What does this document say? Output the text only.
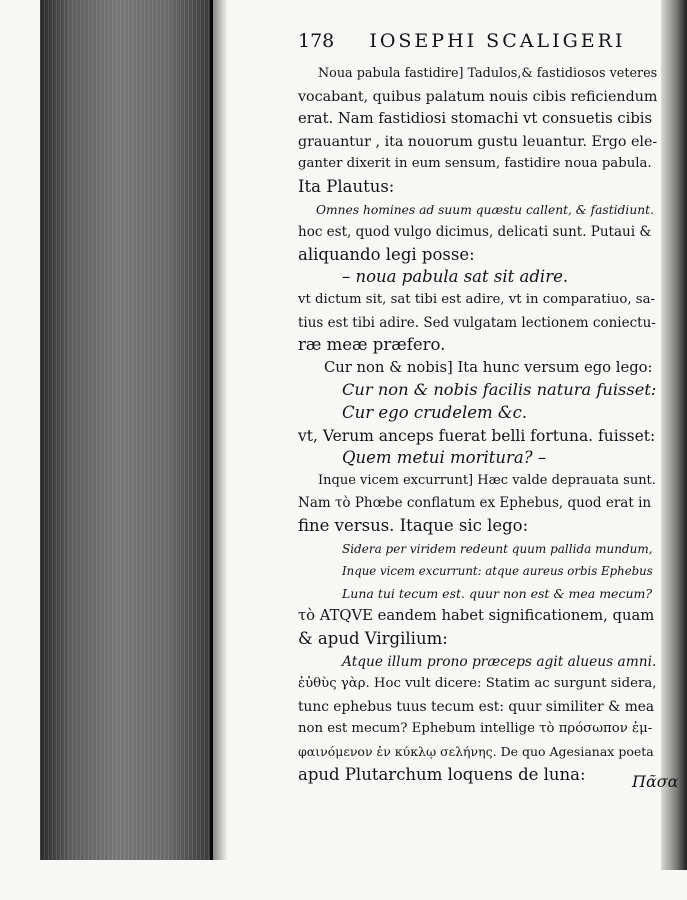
178 IOSEPHI SCALIGERI
Noua pabula fastidire] Tadulos,& fastidiosos veteres
vocabant, quibus palatum nouis cibis reficiendum
erat. Nam fastidiosi stomachi vt consuetis cibis
grauantur , ita nouorum gustu leuantur. Ergo ele-
ganter dixerit in eum sensum, fastidire noua pabula.
Ita Plautus:
Omnes homines ad suum quæstu callent, & fastidiunt.
hoc est, quod vulgo dicimus, delicati sunt. Putaui &
aliquando legi posse:
– noua pabula sat sit adire.
vt dictum sit, sat tibi est adire, vt in comparatiuo, sa-
tius est tibi adire. Sed vulgatam lectionem coniectu-
ræ meæ præfero.
Cur non & nobis] Ita hunc versum ego lego:
Cur non & nobis facilis natura fuisset:
Cur ego crudelem &c.
vt, Verum anceps fuerat belli fortuna. fuisset:
Quem metui moritura? –
Inque vicem excurrunt] Hæc valde deprauata sunt.
Nam τὸ Phœbe conflatum ex Ephebus, quod erat in
fine versus. Itaque sic lego:
Sidera per viridem redeunt quum pallida mundum,
Inque vicem excurrunt: atque aureus orbis Ephebus
Luna tui tecum est. quur non est & mea mecum?
τὸ ATQVE eandem habet significationem, quam
& apud Virgilium:
Atque illum prono præceps agit alueus amni.
ἐὐθὺς γὰρ. Hoc vult dicere: Statim ac surgunt sidera,
tunc ephebus tuus tecum est: quur similiter & mea
non est mecum? Ephebum intellige τὸ πρόσωπον ἐμ-
φαινόμενον ἐν κύκλῳ σελήνης. De quo Agesianax poeta
apud Plutarchum loquens de luna:	Πᾶσα
